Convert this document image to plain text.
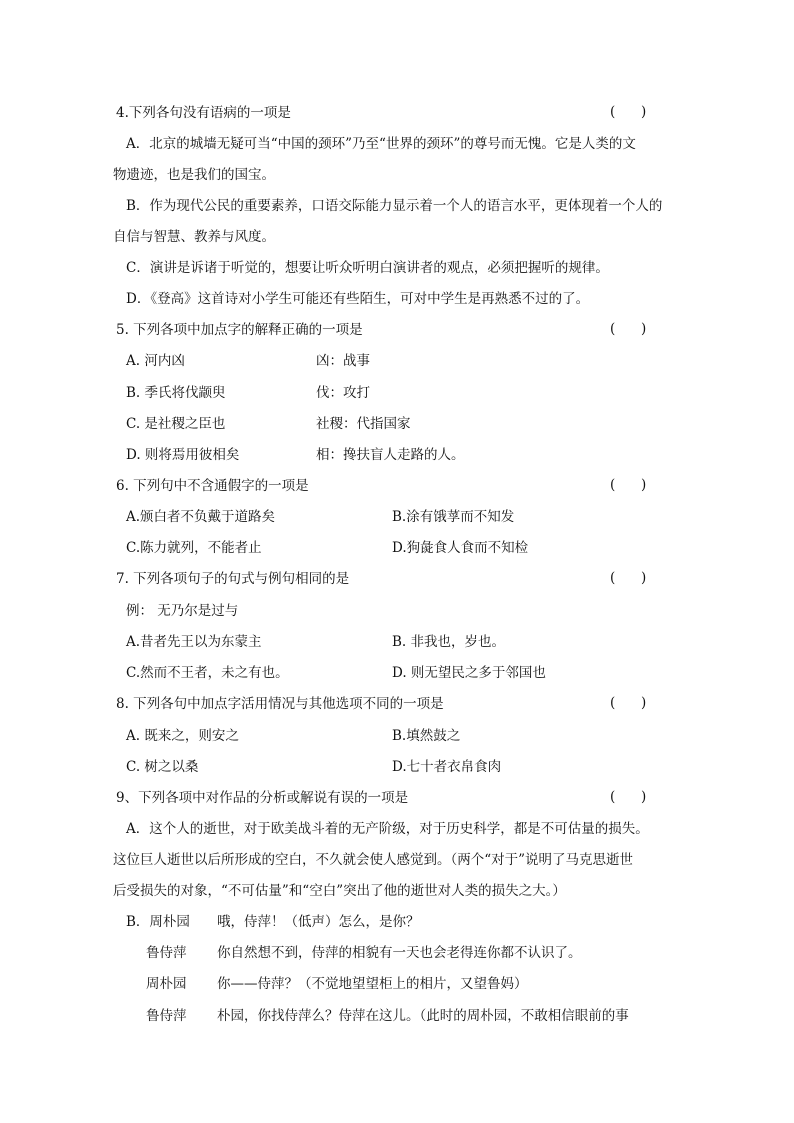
4.下列各句没有语病的一项是	(      )
A．北京的城墙无疑可当“中国的颈环”乃至“世界的颈环”的尊号而无愧。它是人类的文
物遗迹，也是我们的国宝。
B．作为现代公民的重要素养，口语交际能力显示着一个人的语言水平，更体现着一个人的
自信与智慧、教养与风度。
C．演讲是诉诸于听觉的，想要让听众听明白演讲者的观点，必须把握听的规律。
D．《登高》这首诗对小学生可能还有些陌生，可对中学生是再熟悉不过的了。
5. 下列各项中加点字的解释正确的一项是	(      )
A. 河内凶	凶：战事
B. 季氏将伐颛臾	伐：攻打
C. 是社稷之臣也	社稷：代指国家
D. 则将焉用彼相矣	相：搀扶盲人走路的人。
6. 下列句中不含通假字的一项是	(      )
A.颁白者不负戴于道路矣	B.涂有饿莩而不知发
C.陈力就列，不能者止	D.狗彘食人食而不知检
7. 下列各项句子的句式与例句相同的是	(      )
例： 无乃尔是过与
A.昔者先王以为东蒙主	B. 非我也，岁也。
C.然而不王者，未之有也。	D. 则无望民之多于邻国也
8. 下列各句中加点字活用情况与其他选项不同的一项是	(      )
A. 既来之，则安之	B.填然鼓之
C. 树之以桑	D.七十者衣帛食肉
9、下列各项中对作品的分析或解说有误的一项是	(      )
A．这个人的逝世，对于欧美战斗着的无产阶级，对于历史科学，都是不可估量的损失。
这位巨人逝世以后所形成的空白，不久就会使人感觉到。（两个“对于”说明了马克思逝世
后受损失的对象，“不可估量”和“空白”突出了他的逝世对人类的损失之大。）
B．周朴园 哦，侍萍！（低声）怎么，是你？
鲁侍萍 你自然想不到，侍萍的相貌有一天也会老得连你都不认识了。
周朴园 你——侍萍？（不觉地望望柜上的相片，又望鲁妈）
鲁侍萍 朴园，你找侍萍么？侍萍在这儿。（此时的周朴园，不敢相信眼前的事
